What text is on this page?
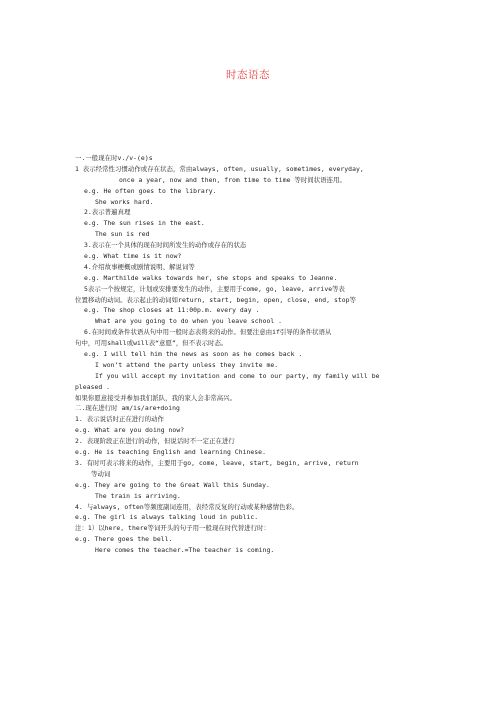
时态语态
一.一般现在时v./v-(e)s
1 表示经常性习惯动作或存在状态，常由always, often, usually, sometimes, everyday,
once a year, now and then, from time to time 等时间状语连用。
e.g. He often goes to the library.
She works hard.
2.表示普遍真理
e.g. The sun rises in the east.
The sun is red
3.表示在一个具体的现在时间所发生的动作或存在的状态
e.g. What time is it now?
4.介绍故事梗概或剧情说明、解说词等
e.g. Marthilde walks towards her, she stops and speaks to Jeanne.
5表示一个按规定，计划或安排要发生的动作，主要用于come, go, leave, arrive等表
位置移动的动词。表示起止的动词如return, start, begin, open, close, end, stop等
e.g. The shop closes at 11:00p.m. every day .
What are you going to do when you leave school .
6.在时间或条件状语从句中用一般时态表将来的动作。但要注意由if引导的条件状语从
句中，可用shall或will表“意愿”，但不表示时态。
e.g. I will tell him the news as soon as he comes back .
I won’t attend the party unless they invite me.
If you will accept my invitation and come to our party, my family will be
pleased .
如果你愿意接受并参加我们派队，我的家人会非常高兴。
二.现在进行时 am/is/are+doing
1. 表示说话时正在进行的动作
e.g. What are you doing now?
2. 表现阶段正在进行的动作，但说话时不一定正在进行
e.g. He is teaching English and learning Chinese.
3. 有时可表示将来的动作，主要用于go, come, leave, start, begin, arrive, return
等动词
e.g. They are going to the Great Wall this Sunday.
The train is arriving.
4. 与always, often等频度副词连用，表经常反复的行动或某种感情色彩。
e.g. The girl is always talking loud in public.
注：1）以here, there等词开头的句子用一般现在时代替进行时：
e.g. There goes the bell.
Here comes the teacher.=The teacher is coming.
